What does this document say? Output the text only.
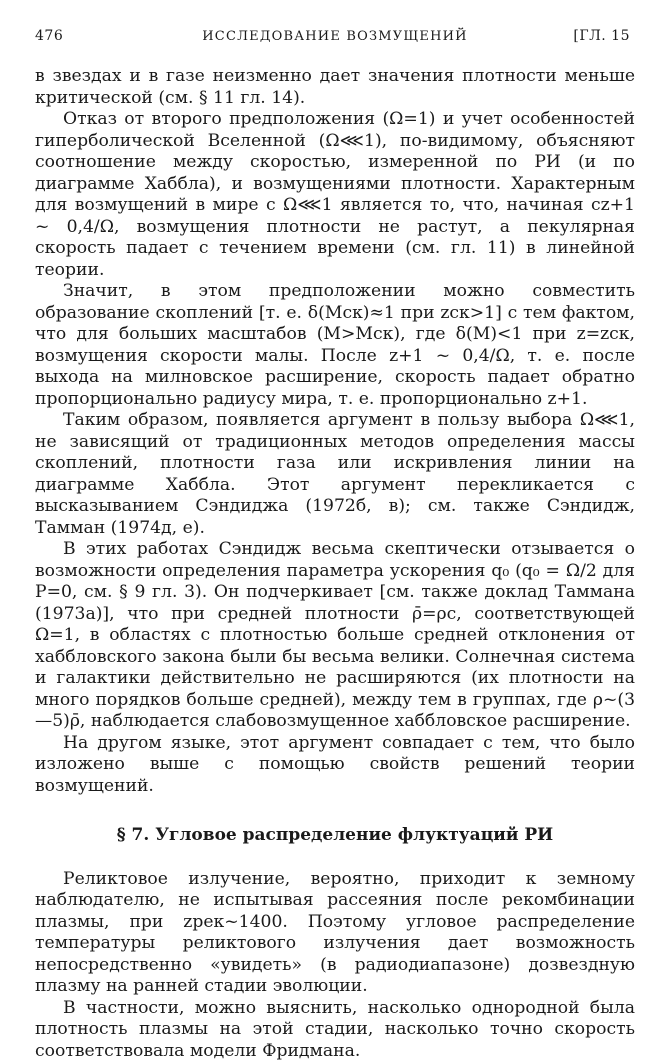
476	ИССЛЕДОВАНИЕ ВОЗМУЩЕНИЙ	[ГЛ. 15

в звездах и в газе неизменно дает значения плотности меньше критической (см. § 11 гл. 14).

Отказ от второго предположения (Ω=1) и учет особенностей гиперболической Вселенной (Ω⋘1), по-видимому, объясняют соотношение между скоростью, измеренной по РИ (и по диаграмме Хаббла), и возмущениями плотности. Характерным для возмущений в мире с Ω⋘1 является то, что, начиная cz+1 ~ 0,4/Ω, возмущения плотности не растут, а пекулярная скорость падает с течением времени (см. гл. 11) в линейной теории.

Значит, в этом предположении можно совместить образование скоплений [т. е. δ(Mск)≈1 при zск>1] с тем фактом, что для больших масштабов (M>Mск), где δ(M)<1 при z=zск, возмущения скорости малы. После z+1 ~ 0,4/Ω, т. е. после выхода на милновское расширение, скорость падает обратно пропорционально радиусу мира, т. е. пропорционально z+1.

Таким образом, появляется аргумент в пользу выбора Ω⋘1, не зависящий от традиционных методов определения массы скоплений, плотности газа или искривления линии на диаграмме Хаббла. Этот аргумент перекликается с высказыванием Сэндиджа (1972б, в); см. также Сэндидж, Тамман (1974д, е).

В этих работах Сэндидж весьма скептически отзывается о возможности определения параметра ускорения q₀ (q₀ = Ω/2 для P=0, см. § 9 гл. 3). Он подчеркивает [см. также доклад Таммана (1973а)], что при средней плотности ρ̄=ρc, соответствующей Ω=1, в областях с плотностью больше средней отклонения от хаббловского закона были бы весьма велики. Солнечная система и галактики действительно не расширяются (их плотности на много порядков больше средней), между тем в группах, где ρ~(3—5)ρ̄, наблюдается слабовозмущенное хаббловское расширение.

На другом языке, этот аргумент совпадает с тем, что было изложено выше с помощью свойств решений теории возмущений.

§ 7. Угловое распределение флуктуаций РИ

Реликтовое излучение, вероятно, приходит к земному наблюдателю, не испытывая рассеяния после рекомбинации плазмы, при zрек~1400. Поэтому угловое распределение температуры реликтового излучения дает возможность непосредственно «увидеть» (в радиодиапазоне) дозвездную плазму на ранней стадии эволюции.

В частности, можно выяснить, насколько однородной была плотность плазмы на этой стадии, насколько точно скорость соответствовала модели Фридмана.
